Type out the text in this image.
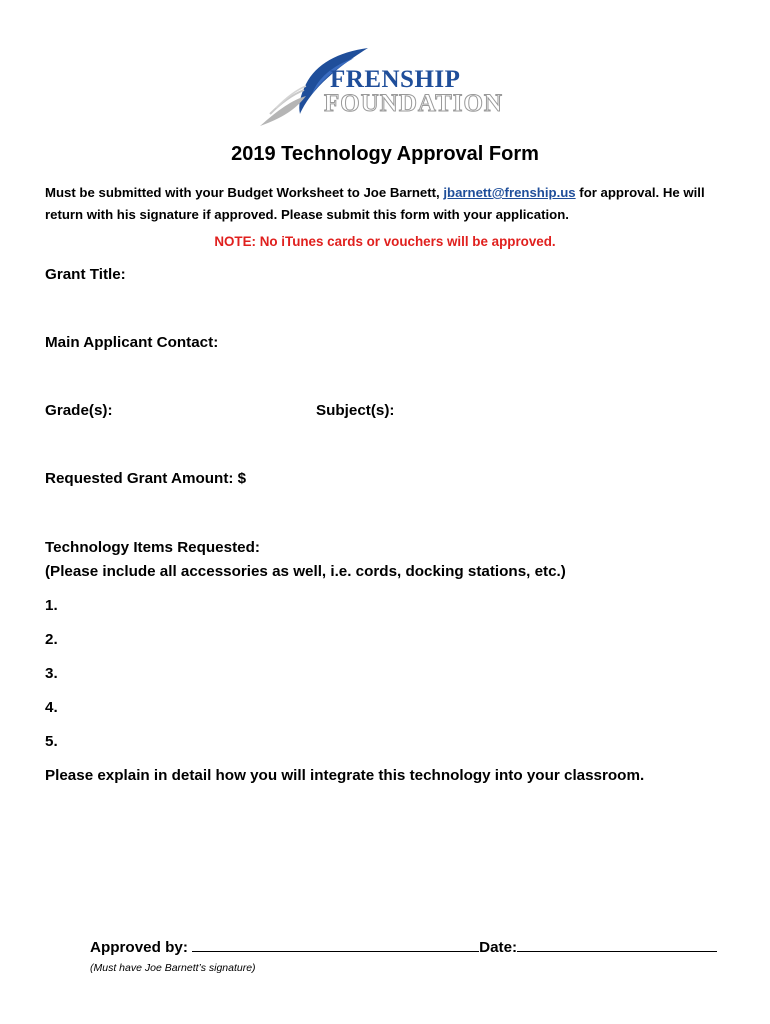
FRENSHIP
FOUNDATION
2019 Technology Approval Form
Must be submitted with your Budget Worksheet to Joe Barnett, jbarnett@frenship.us for approval. He will return with his signature if approved. Please submit this form with your application.
NOTE: No iTunes cards or vouchers will be approved.
Grant Title:
Main Applicant Contact:
Grade(s):	Subject(s):
Requested Grant Amount: $
Technology Items Requested:
(Please include all accessories as well, i.e. cords, docking stations, etc.)
1.
2.
3.
4.
5.
Please explain in detail how you will integrate this technology into your classroom.
Approved by:	Date:
(Must have Joe Barnett’s signature)
